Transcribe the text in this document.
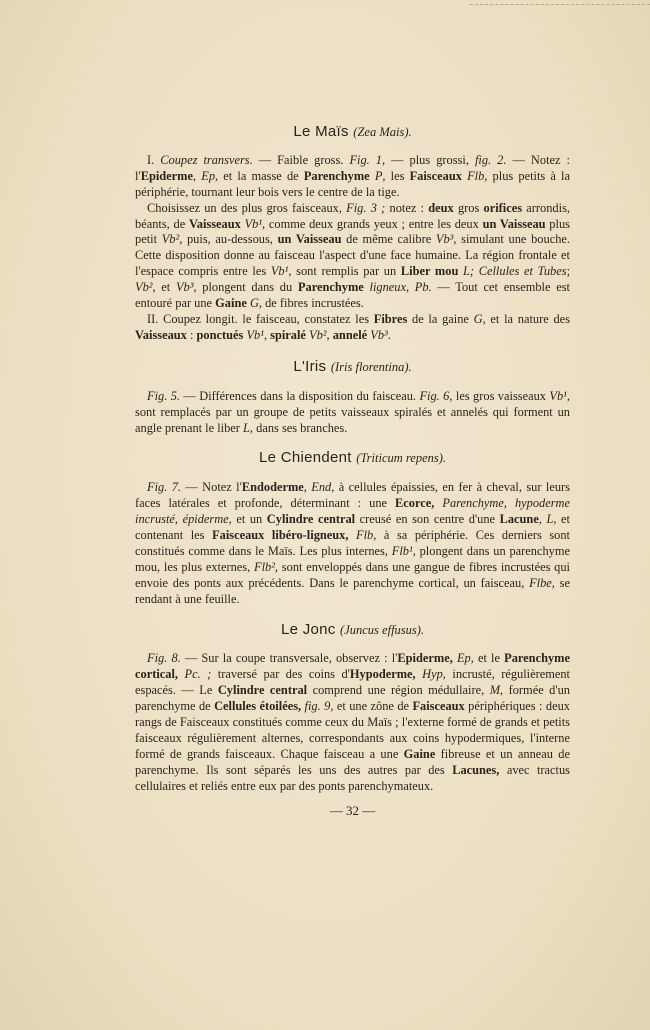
Le Maïs (Zea Mais).

I. Coupez transvers. — Faible gross. Fig. 1, — plus grossi, fig. 2. — Notez : l'Epiderme, Ep, et la masse de Parenchyme P, les Faisceaux Flb, plus petits à la périphérie, tournant leur bois vers le centre de la tige.

Choisissez un des plus gros faisceaux, Fig. 3 ; notez : deux gros orifices arrondis, béants, de Vaisseaux Vb¹, comme deux grands yeux ; entre les deux un Vaisseau plus petit Vb², puis, au-dessous, un Vaisseau de même calibre Vb³, simulant une bouche. Cette disposition donne au faisceau l'aspect d'une face humaine. La région frontale et l'espace compris entre les Vb¹, sont remplis par un Liber mou L; Cellules et Tubes; Vb², et Vb³, plongent dans du Parenchyme ligneux, Pb. — Tout cet ensemble est entouré par une Gaine G, de fibres incrustées.

II. Coupez longit. le faisceau, constatez les Fibres de la gaine G, et la nature des Vaisseaux : ponctués Vb¹, spiralé Vb², annelé Vb³.

L'Iris (Iris florentina).

Fig. 5. — Différences dans la disposition du faisceau. Fig. 6, les gros vaisseaux Vb¹, sont remplacés par un groupe de petits vaisseaux spiralés et annelés qui forment un angle prenant le liber L, dans ses branches.

Le Chiendent (Triticum repens).

Fig. 7. — Notez l'Endoderme, End, à cellules épaissies, en fer à cheval, sur leurs faces latérales et profonde, déterminant : une Ecorce, Parenchyme, hypoderme incrusté, épiderme, et un Cylindre central creusé en son centre d'une Lacune, L, et contenant les Faisceaux libéro-ligneux, Flb, à sa périphérie. Ces derniers sont constitués comme dans le Maïs. Les plus internes, Flb¹, plongent dans un parenchyme mou, les plus externes, Flb², sont enveloppés dans une gangue de fibres incrustées qui envoie des ponts aux précédents. Dans le parenchyme cortical, un faisceau, Flbe, se rendant à une feuille.

Le Jonc (Juncus effusus).

Fig. 8. — Sur la coupe transversale, observez : l'Epiderme, Ep, et le Parenchyme cortical, Pc. ; traversé par des coins d'Hypoderme, Hyp, incrusté, régulièrement espacés. — Le Cylindre central comprend une région médullaire, M, formée d'un parenchyme de Cellules étoilées, fig. 9, et une zône de Faisceaux périphériques : deux rangs de Faisceaux constitués comme ceux du Maïs ; l'externe formé de grands et petits faisceaux régulièrement alternes, correspondants aux coins hypodermiques, l'interne formé de grands faisceaux. Chaque faisceau a une Gaine fibreuse et un anneau de parenchyme. Ils sont séparés les uns des autres par des Lacunes, avec tractus cellulaires et reliés entre eux par des ponts parenchymateux.

— 32 —
